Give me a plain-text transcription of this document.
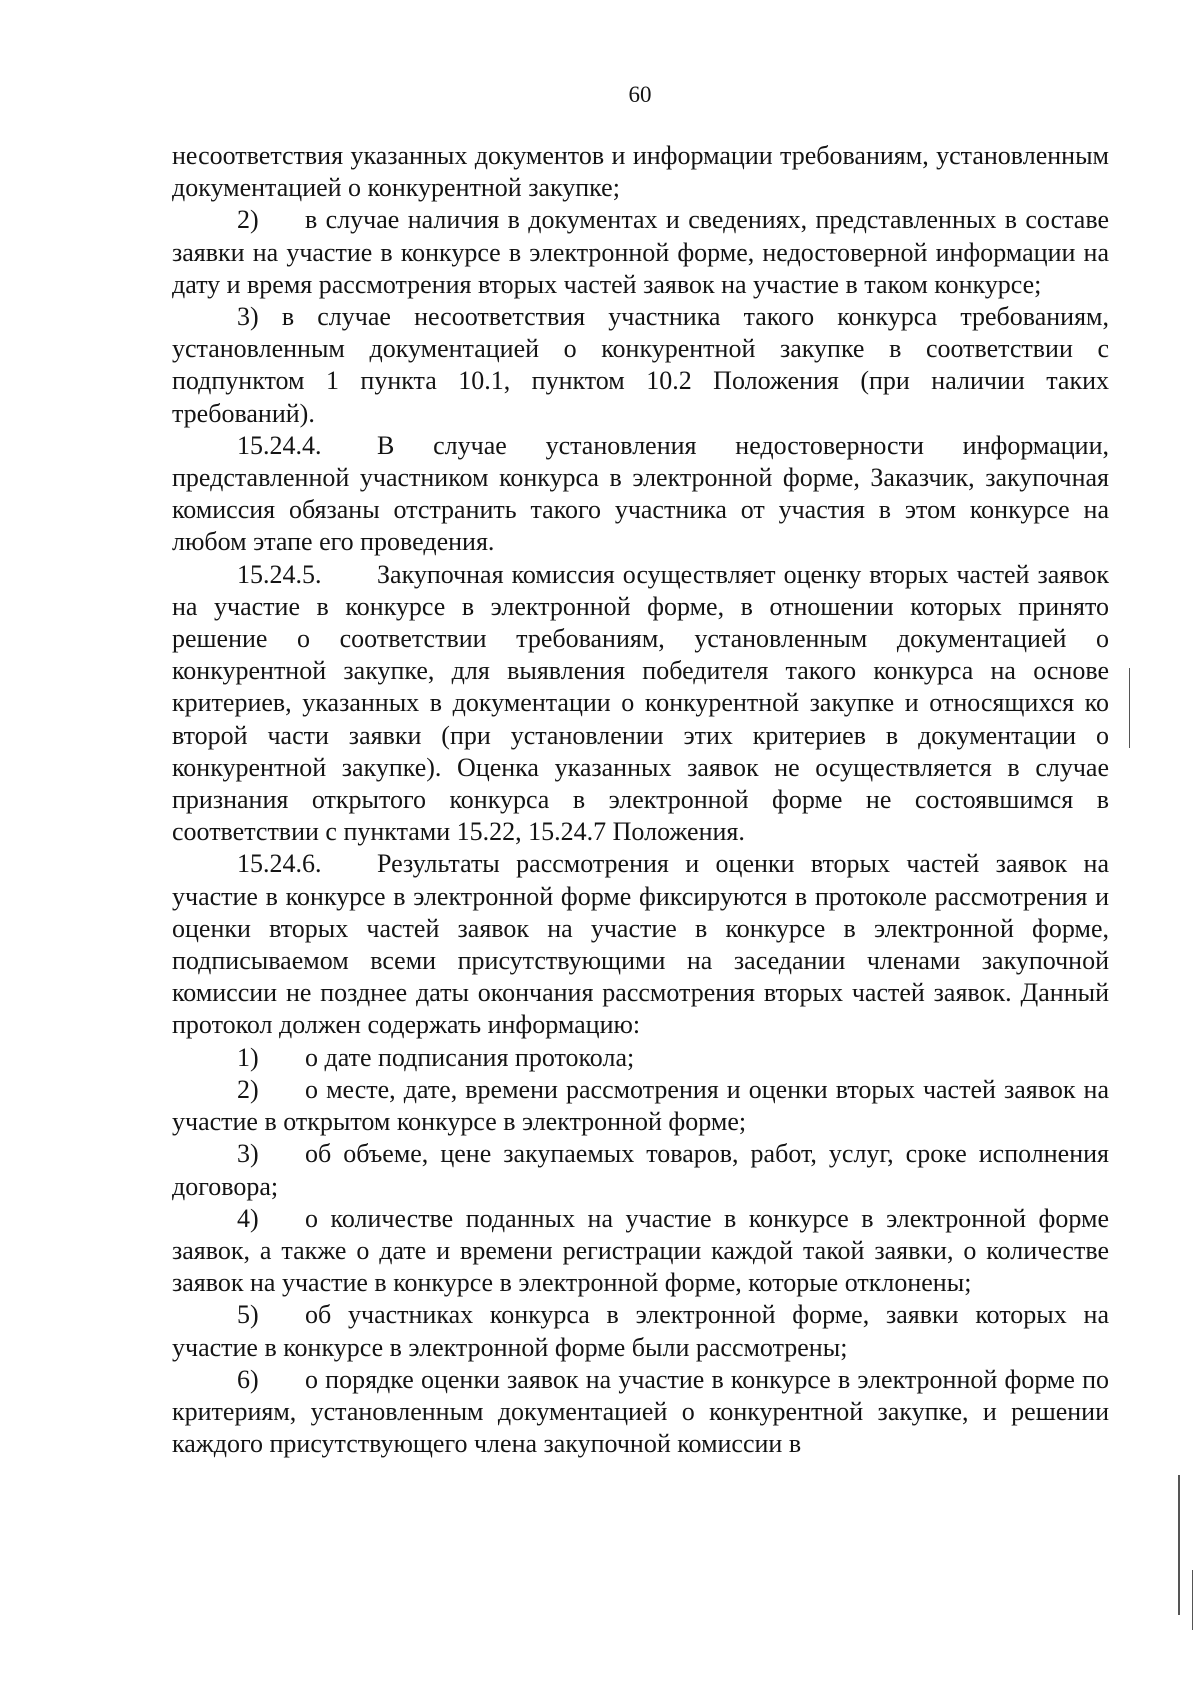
60

несоответствия указанных документов и информации требованиям, установленным документацией о конкурентной закупке;

2) в случае наличия в документах и сведениях, представленных в составе заявки на участие в конкурсе в электронной форме, недостоверной информации на дату и время рассмотрения вторых частей заявок на участие в таком конкурсе;

3) в случае несоответствия участника такого конкурса требованиям, установленным документацией о конкурентной закупке в соответствии с подпунктом 1 пункта 10.1, пунктом 10.2 Положения (при наличии таких требований).

15.24.4. В случае установления недостоверности информации, представленной участником конкурса в электронной форме, Заказчик, закупочная комиссия обязаны отстранить такого участника от участия в этом конкурсе на любом этапе его проведения.

15.24.5. Закупочная комиссия осуществляет оценку вторых частей заявок на участие в конкурсе в электронной форме, в отношении которых принято решение о соответствии требованиям, установленным документацией о конкурентной закупке, для выявления победителя такого конкурса на основе критериев, указанных в документации о конкурентной закупке и относящихся ко второй части заявки (при установлении этих критериев в документации о конкурентной закупке). Оценка указанных заявок не осуществляется в случае признания открытого конкурса в электронной форме не состоявшимся в соответствии с пунктами 15.22, 15.24.7 Положения.

15.24.6. Результаты рассмотрения и оценки вторых частей заявок на участие в конкурсе в электронной форме фиксируются в протоколе рассмотрения и оценки вторых частей заявок на участие в конкурсе в электронной форме, подписываемом всеми присутствующими на заседании членами закупочной комиссии не позднее даты окончания рассмотрения вторых частей заявок. Данный протокол должен содержать информацию:

1) о дате подписания протокола;

2) о месте, дате, времени рассмотрения и оценки вторых частей заявок на участие в открытом конкурсе в электронной форме;

3) об объеме, цене закупаемых товаров, работ, услуг, сроке исполнения договора;

4) о количестве поданных на участие в конкурсе в электронной форме заявок, а также о дате и времени регистрации каждой такой заявки, о количестве заявок на участие в конкурсе в электронной форме, которые отклонены;

5) об участниках конкурса в электронной форме, заявки которых на участие в конкурсе в электронной форме были рассмотрены;

6) о порядке оценки заявок на участие в конкурсе в электронной форме по критериям, установленным документацией о конкурентной закупке, и решении каждого присутствующего члена закупочной комиссии в
